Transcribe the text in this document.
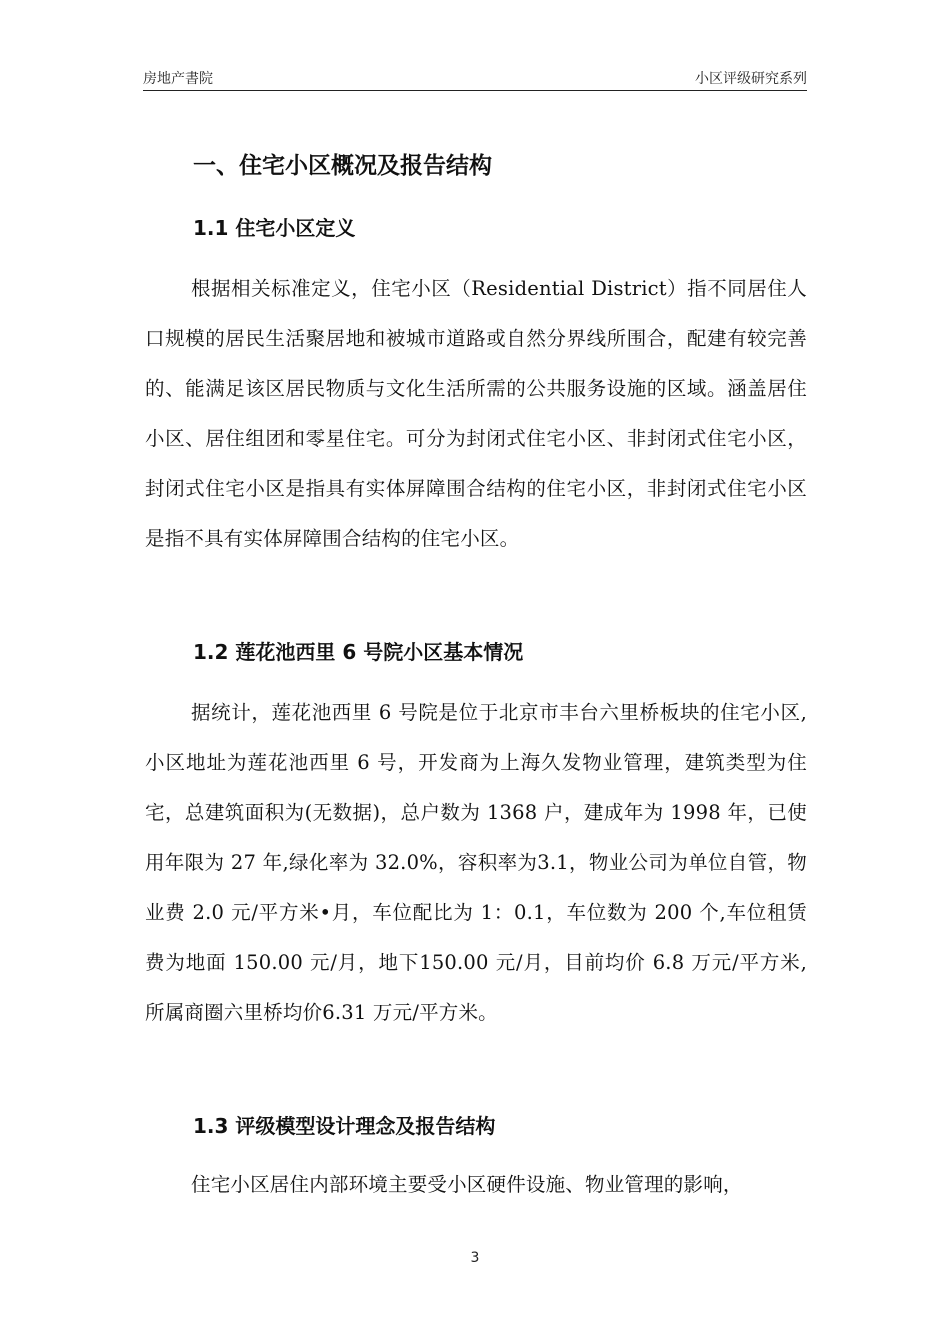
房地产書院	小区评级研究系列
一、住宅小区概况及报告结构
1.1 住宅小区定义
根据相关标准定义，住宅小区（Residential District）指不同居住人口规模的居民生活聚居地和被城市道路或自然分界线所围合，配建有较完善的、能满足该区居民物质与文化生活所需的公共服务设施的区域。涵盖居住小区、居住组团和零星住宅。可分为封闭式住宅小区、非封闭式住宅小区，封闭式住宅小区是指具有实体屏障围合结构的住宅小区，非封闭式住宅小区是指不具有实体屏障围合结构的住宅小区。
1.2 莲花池西里 6 号院小区基本情况
据统计，莲花池西里 6 号院是位于北京市丰台六里桥板块的住宅小区,小区地址为莲花池西里 6 号，开发商为上海久发物业管理，建筑类型为住宅，总建筑面积为(无数据)，总户数为 1368 户，建成年为 1998 年，已使用年限为 27 年,绿化率为 32.0%，容积率为3.1，物业公司为单位自管，物业费 2.0 元/平方米•月，车位配比为 1：0.1，车位数为 200 个,车位租赁费为地面 150.00 元/月，地下150.00 元/月，目前均价 6.8 万元/平方米,所属商圈六里桥均价6.31 万元/平方米。
1.3 评级模型设计理念及报告结构
住宅小区居住内部环境主要受小区硬件设施、物业管理的影响，
3
